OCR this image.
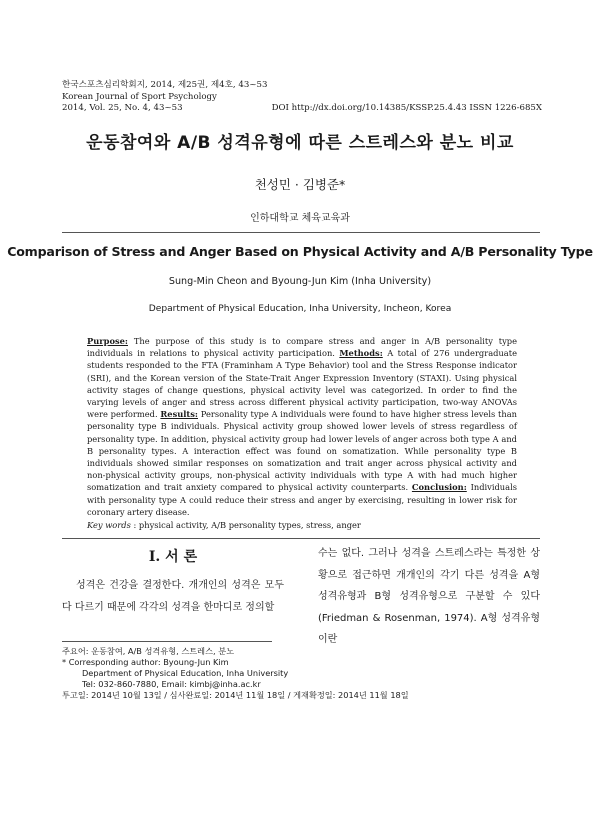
한국스포츠심리학회지, 2014, 제25권, 제4호, 43~53
Korean Journal of Sport Psychology
2014, Vol. 25, No. 4, 43~53	DOI http://dx.doi.org/10.14385/KSSP.25.4.43 ISSN 1226-685X
운동참여와 A/B 성격유형에 따른 스트레스와 분노 비교
천성민 · 김병준*
인하대학교 체육교육과
Comparison of Stress and Anger Based on Physical Activity and A/B Personality Type
Sung-Min Cheon and Byoung-Jun Kim (Inha University)
Department of Physical Education, Inha University, Incheon, Korea
Purpose: The purpose of this study is to compare stress and anger in A/B personality type individuals in relations to physical activity participation. Methods: A total of 276 undergraduate students responded to the FTA (Framinham A Type Behavior) tool and the Stress Response indicator (SRI), and the Korean version of the State-Trait Anger Expression Inventory (STAXI). Using physical activity stages of change questions, physical activity level was categorized. In order to find the varying levels of anger and stress across different physical activity participation, two-way ANOVAs were performed. Results: Personality type A individuals were found to have higher stress levels than personality type B individuals. Physical activity group showed lower levels of stress regardless of personality type. In addition, physical activity group had lower levels of anger across both type A and B personality types. A interaction effect was found on somatization. While personality type B individuals showed similar responses on somatization and trait anger across physical activity and non-physical activity groups, non-physical activity individuals with type A with had much higher somatization and trait anxiety compared to physical activity counterparts. Conclusion: Individuals with personality type A could reduce their stress and anger by exercising, resulting in lower risk for coronary artery disease.
Key words : physical activity, A/B personality types, stress, anger
I. 서 론
성격은 건강을 결정한다. 개개인의 성격은 모두 다 다르기 때문에 각각의 성격을 한마디로 정의할
수는 없다. 그러나 성격을 스트레스라는 특정한 상황으로 접근하면 개개인의 각기 다른 성격을 A형 성격유형과 B형 성격유형으로 구분할 수 있다(Friedman & Rosenman, 1974). A형 성격유형이란
주요어: 운동참여, A/B 성격유형, 스트레스, 분노
* Corresponding author: Byoung-Jun Kim
Department of Physical Education, Inha University
Tel: 032-860-7880, Email: kimbj@inha.ac.kr
투고일: 2014년 10월 13일 / 심사완료일: 2014년 11월 18일 / 게재확정일: 2014년 11월 18일
